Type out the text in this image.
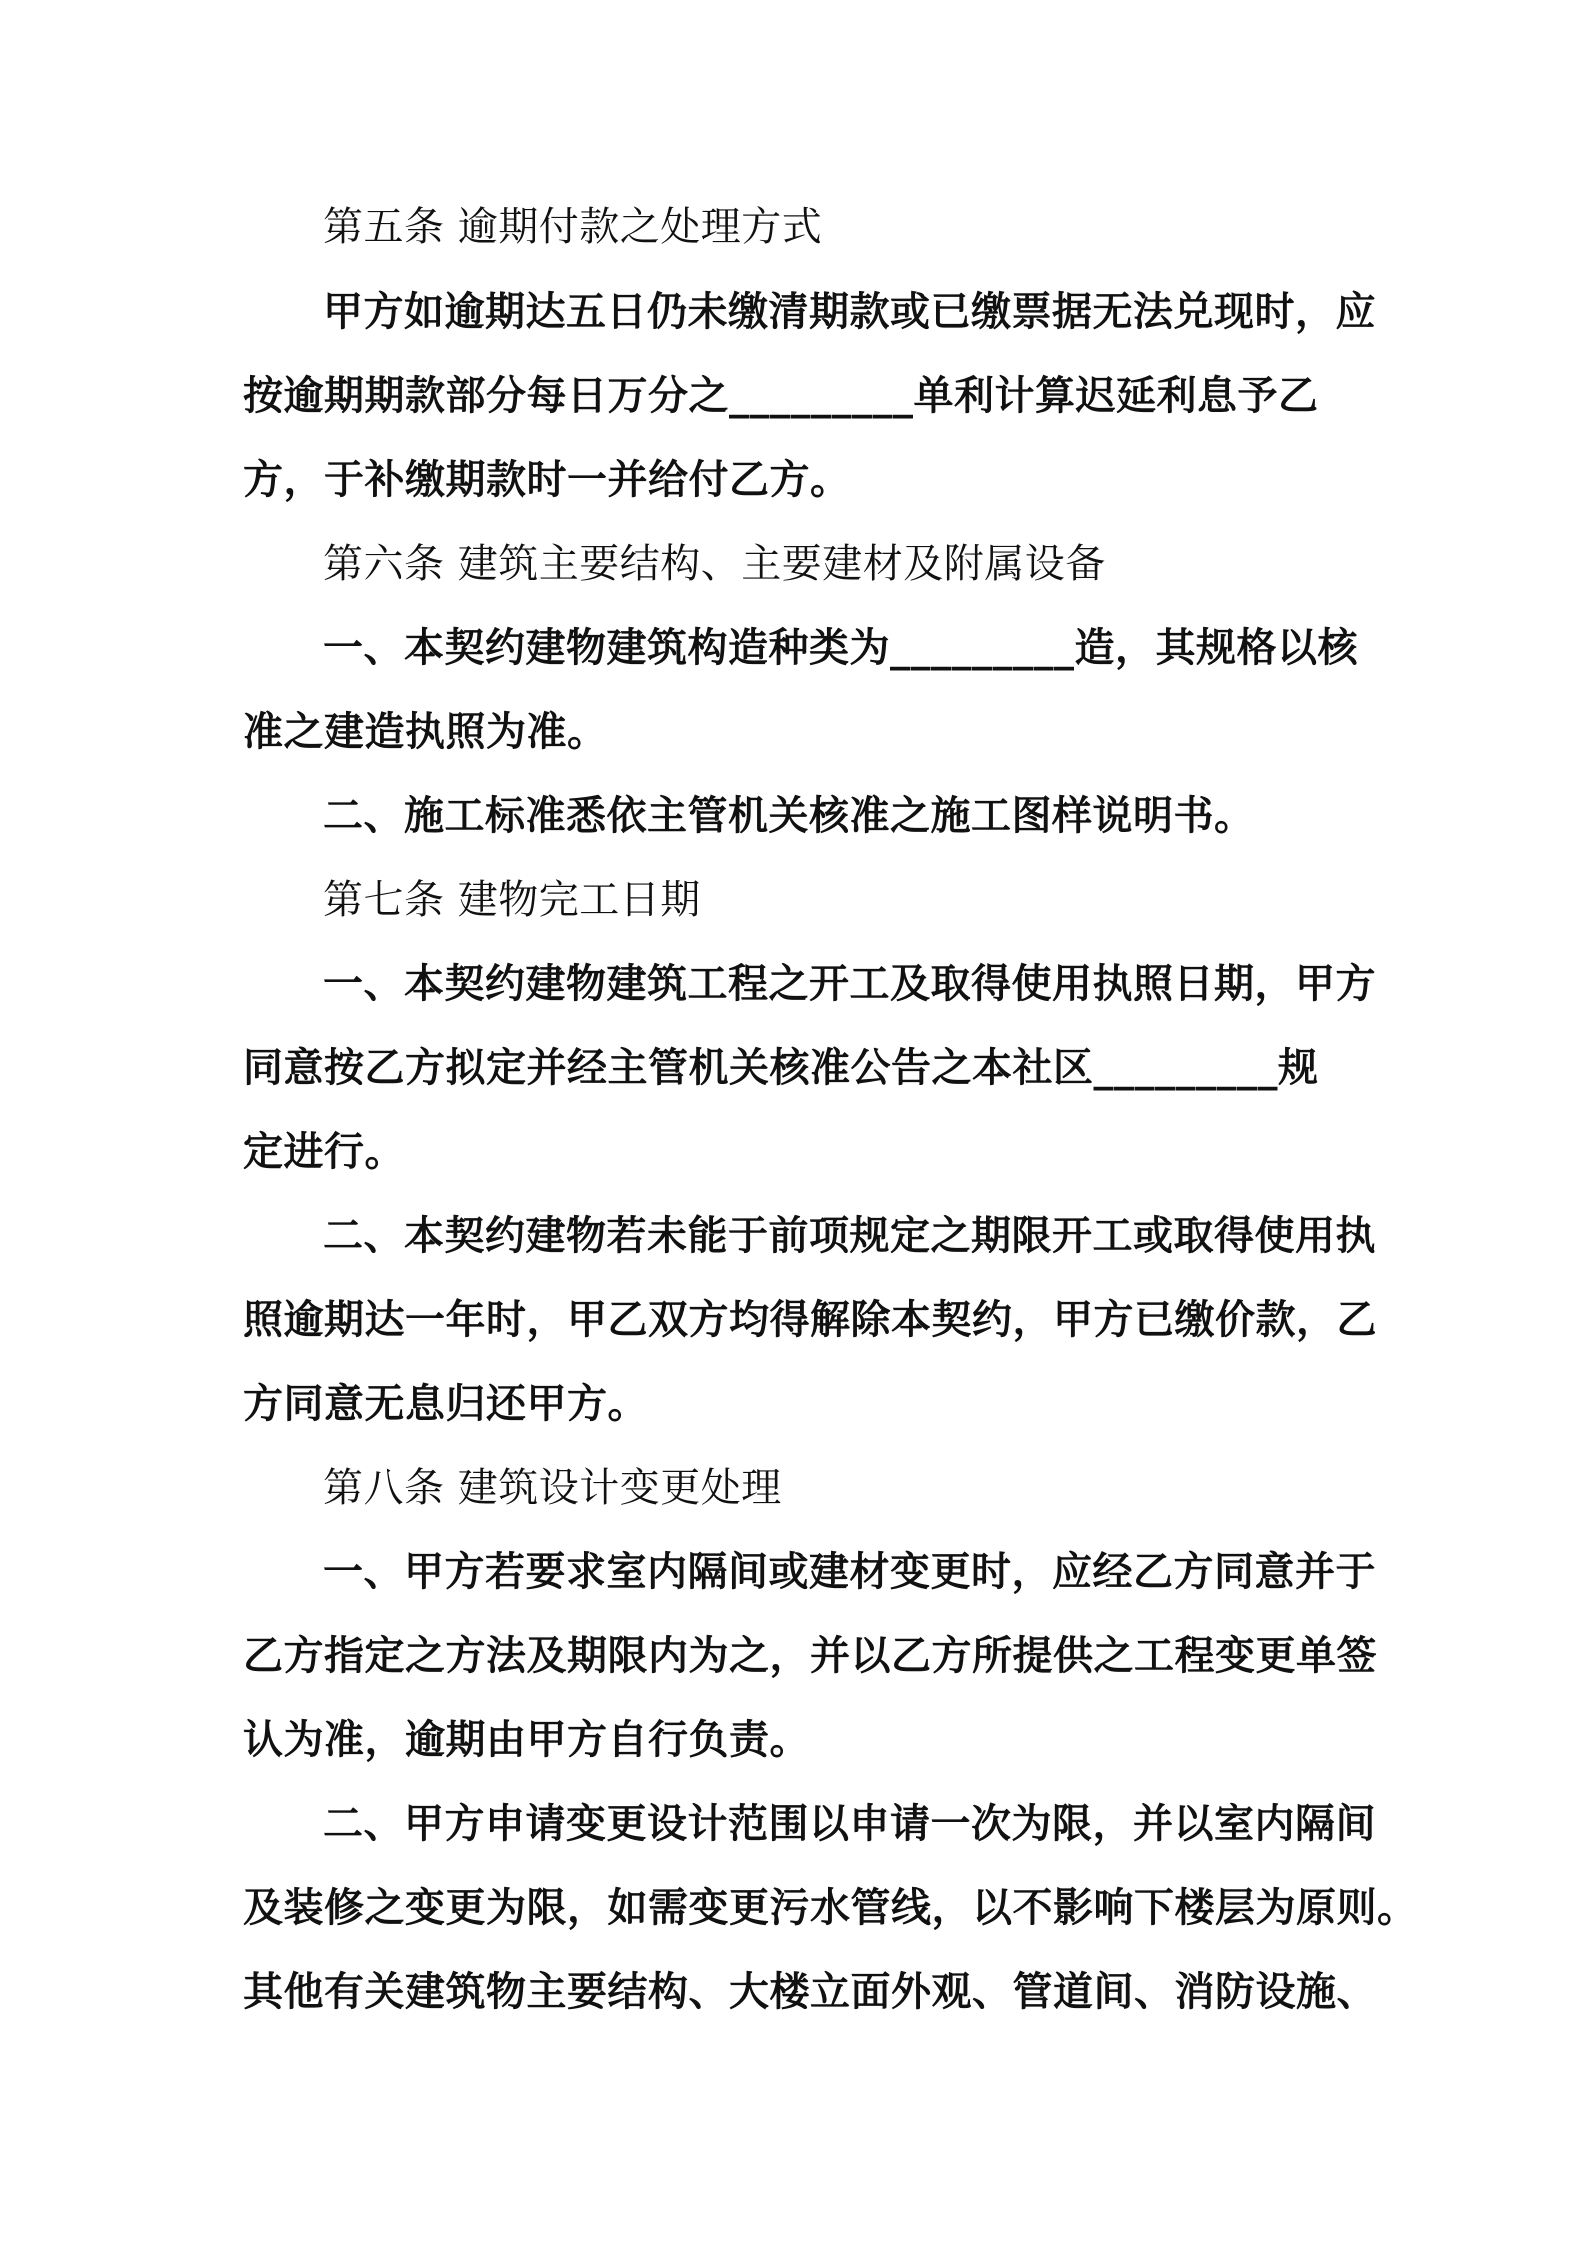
第五条 逾期付款之处理方式
甲方如逾期达五日仍未缴清期款或已缴票据无法兑现时，应
按逾期期款部分每日万分之_________单利计算迟延利息予乙
方，于补缴期款时一并给付乙方。
第六条 建筑主要结构、主要建材及附属设备
一、本契约建物建筑构造种类为_________造，其规格以核
准之建造执照为准。
二、施工标准悉依主管机关核准之施工图样说明书。
第七条 建物完工日期
一、本契约建物建筑工程之开工及取得使用执照日期，甲方
同意按乙方拟定并经主管机关核准公告之本社区_________规
定进行。
二、本契约建物若未能于前项规定之期限开工或取得使用执
照逾期达一年时，甲乙双方均得解除本契约，甲方已缴价款，乙
方同意无息归还甲方。
第八条 建筑设计变更处理
一、甲方若要求室内隔间或建材变更时，应经乙方同意并于
乙方指定之方法及期限内为之，并以乙方所提供之工程变更单签
认为准，逾期由甲方自行负责。
二、甲方申请变更设计范围以申请一次为限，并以室内隔间
及装修之变更为限，如需变更污水管线，以不影响下楼层为原则。
其他有关建筑物主要结构、大楼立面外观、管道间、消防设施、
